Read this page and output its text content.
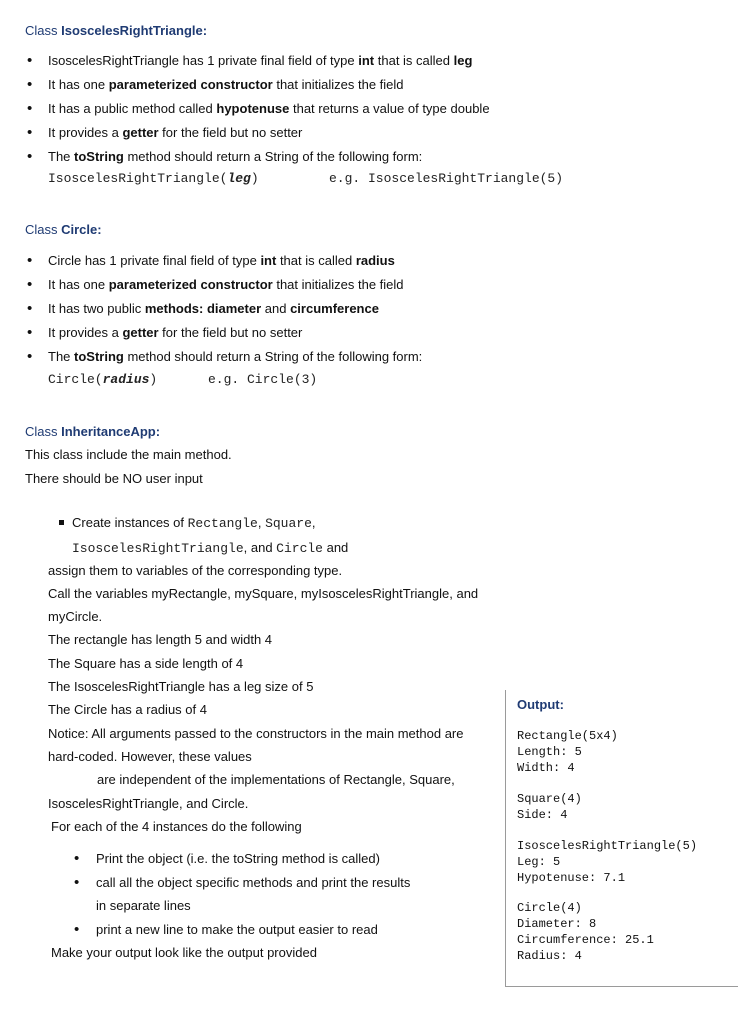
Class IsoscelesRightTriangle:
• IsoscelesRightTriangle has 1 private final field of type int that is called leg
• It has one parameterized constructor that initializes the field
• It has a public method called hypotenuse that returns a value of type double
• It provides a getter for the field but no setter
• The toString method should return a String of the following form:
IsoscelesRightTriangle(leg)	e.g. IsoscelesRightTriangle(5)
Class Circle:
• Circle has 1 private final field of type int that is called radius
• It has one parameterized constructor that initializes the field
• It has two public methods: diameter and circumference
• It provides a getter for the field but no setter
• The toString method should return a String of the following form:
Circle(radius)	e.g. Circle(3)
Class InheritanceApp:
This class include the main method.
There should be NO user input
Create instances of Rectangle, Square,
IsoscelesRightTriangle, and Circle and
assign them to variables of the corresponding type.
Call the variables myRectangle, mySquare, myIsoscelesRightTriangle, and
myCircle.
The rectangle has length 5 and width 4
The Square has a side length of 4
The IsoscelesRightTriangle has a leg size of 5
The Circle has a radius of 4
Notice: All arguments passed to the constructors in the main method are
hard-coded. However, these values
are independent of the implementations of Rectangle, Square,
IsoscelesRightTriangle, and Circle.
For each of the 4 instances do the following
• Print the object (i.e. the toString method is called)
• call all the object specific methods and print the results
in separate lines
• print a new line to make the output easier to read
Make your output look like the output provided
Output:
Rectangle(5x4)
Length: 5
Width: 4
Square(4)
Side: 4
IsoscelesRightTriangle(5)
Leg: 5
Hypotenuse: 7.1
Circle(4)
Diameter: 8
Circumference: 25.1
Radius: 4
